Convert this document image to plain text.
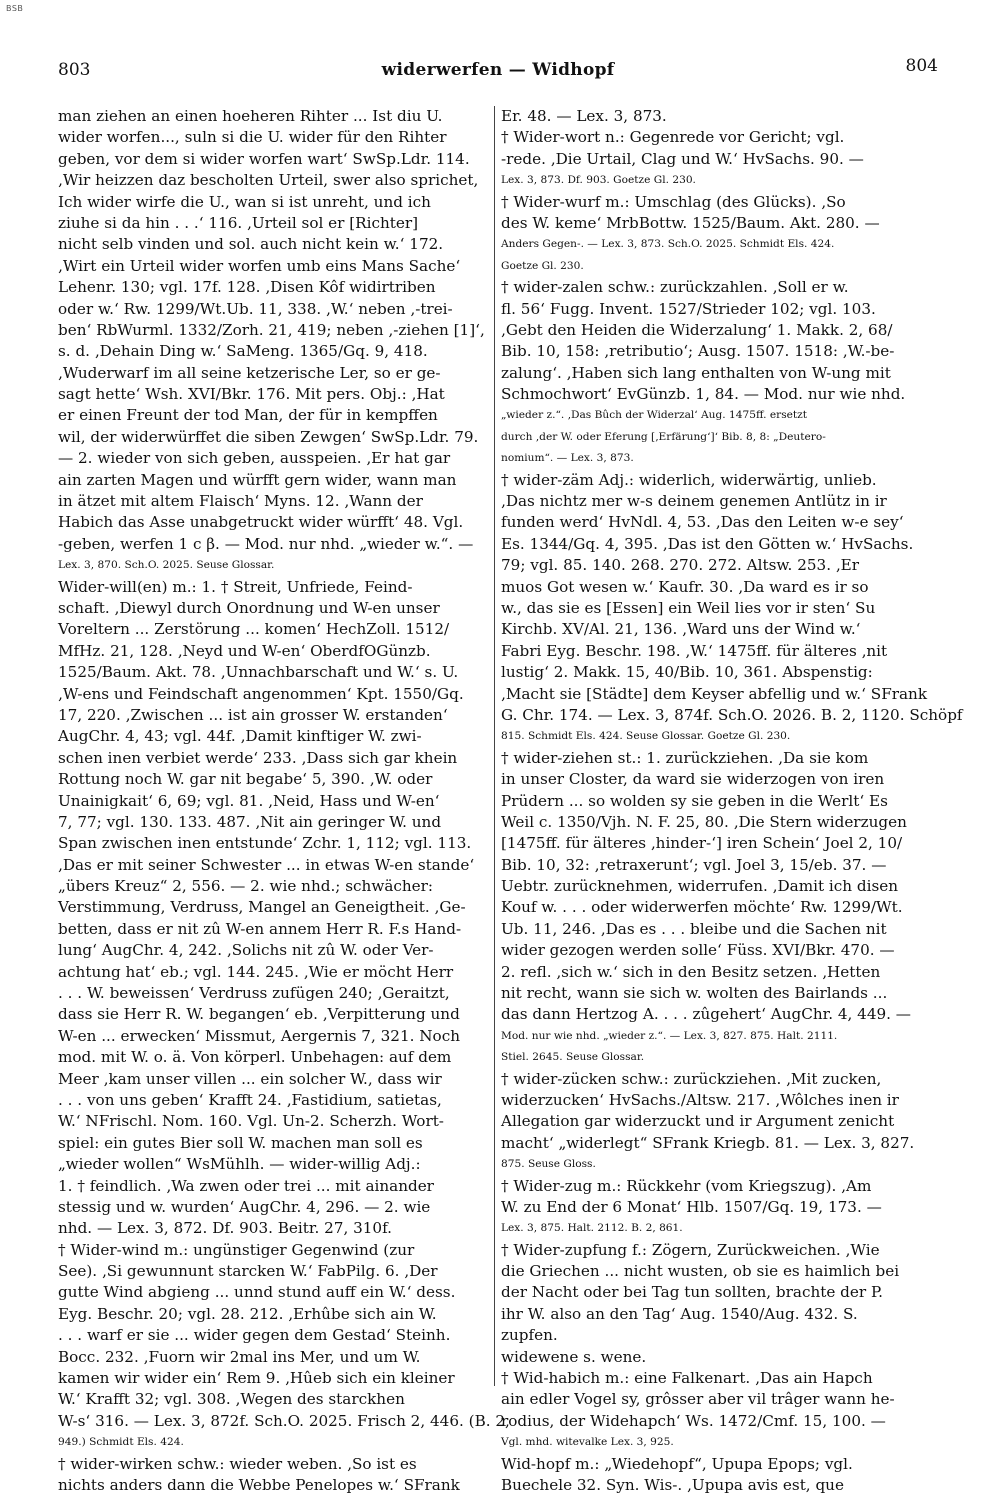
BSB
803	widerwerfen — Widhopf	804
man ziehen an einen hoeheren Rihter ... Ist diu U.
wider worfen..., suln si die U. wider für den Rihter
geben, vor dem si wider worfen wart‘ SwSp.Ldr. 114.
‚Wir heizzen daz bescholten Urteil, swer also sprichet,
Ich wider wirfe die U., wan si ist unreht, und ich
ziuhe si da hin . . .‘ 116. ‚Urteil sol er [Richter]
nicht selb vinden und sol. auch nicht kein w.‘ 172.
‚Wirt ein Urteil wider worfen umb eins Mans Sache‘
Lehenr. 130; vgl. 17f. 128. ‚Disen Kôf widirtriben
oder w.‘ Rw. 1299/Wt.Ub. 11, 338. ‚W.‘ neben ‚-trei-
ben‘ RbWurml. 1332/Zorh. 21, 419; neben ‚-ziehen [1]‘,
s. d. ‚Dehain Ding w.‘ SaMeng. 1365/Gq. 9, 418.
‚Wuderwarf im all seine ketzerische Ler, so er ge-
sagt hette‘ Wsh. XVI/Bkr. 176. Mit pers. Obj.: ‚Hat
er einen Freunt der tod Man, der für in kempffen
wil, der widerwürffet die siben Zewgen‘ SwSp.Ldr. 79.
— 2. wieder von sich geben, ausspeien. ‚Er hat gar
ain zarten Magen und würfft gern wider, wann man
in ätzet mit altem Flaisch‘ Myns. 12. ‚Wann der
Habich das Asse unabgetruckt wider würfft‘ 48. Vgl.
-geben, werfen 1 c β. — Mod. nur nhd. „wieder w.“. —
Lex. 3, 870. Sch.O. 2025. Seuse Glossar.
Wider-will(en) m.: 1. † Streit, Unfriede, Feind-
schaft. ‚Diewyl durch Onordnung und W-en unser
Voreltern ... Zerstörung ... komen‘ HechZoll. 1512/
MfHz. 21, 128. ‚Neyd und W-en‘ OberdfOGünzb.
1525/Baum. Akt. 78. ‚Unnachbarschaft und W.‘ s. U.
‚W-ens und Feindschaft angenommen‘ Kpt. 1550/Gq.
17, 220. ‚Zwischen ... ist ain grosser W. erstanden‘
AugChr. 4, 43; vgl. 44f. ‚Damit kinftiger W. zwi-
schen inen verbiet werde‘ 233. ‚Dass sich gar khein
Rottung noch W. gar nit begabe‘ 5, 390. ‚W. oder
Unainigkait‘ 6, 69; vgl. 81. ‚Neid, Hass und W-en‘
7, 77; vgl. 130. 133. 487. ‚Nit ain geringer W. und
Span zwischen inen entstunde‘ Zchr. 1, 112; vgl. 113.
‚Das er mit seiner Schwester ... in etwas W-en stande‘
„übers Kreuz“ 2, 556. — 2. wie nhd.; schwächer:
Verstimmung, Verdruss, Mangel an Geneigtheit. ‚Ge-
betten, dass er nit zû W-en annem Herr R. F.s Hand-
lung‘ AugChr. 4, 242. ‚Solichs nit zû W. oder Ver-
achtung hat‘ eb.; vgl. 144. 245. ‚Wie er möcht Herr
. . . W. beweissen‘ Verdruss zufügen 240; ‚Geraitzt,
dass sie Herr R. W. begangen‘ eb. ‚Verpitterung und
W-en ... erwecken‘ Missmut, Aergernis 7, 321. Noch
mod. mit W. o. ä. Von körperl. Unbehagen: auf dem
Meer ‚kam unser villen ... ein solcher W., dass wir
. . . von uns geben‘ Krafft 24. ‚Fastidium, satietas,
W.‘ NFrischl. Nom. 160. Vgl. Un-2. Scherzh. Wort-
spiel: ein gutes Bier soll W. machen man soll es
„wieder wollen“ WsMühlh. — wider-willig Adj.:
1. † feindlich. ‚Wa zwen oder trei ... mit ainander
stessig und w. wurden‘ AugChr. 4, 296. — 2. wie
nhd. — Lex. 3, 872. Df. 903. Beitr. 27, 310f.
† Wider-wind m.: ungünstiger Gegenwind (zur
See). ‚Si gewunnunt starcken W.‘ FabPilg. 6. ‚Der
gutte Wind abgieng ... unnd stund auff ein W.‘ dess.
Eyg. Beschr. 20; vgl. 28. 212. ‚Erhûbe sich ain W.
. . . warf er sie ... wider gegen dem Gestad‘ Steinh.
Bocc. 232. ‚Fuorn wir 2mal ins Mer, und um W.
kamen wir wider ein‘ Rem 9. ‚Hûeb sich ein kleiner
W.‘ Krafft 32; vgl. 308. ‚Wegen des starckhen
W-s‘ 316. — Lex. 3, 872f. Sch.O. 2025. Frisch 2, 446. (B. 2,
949.) Schmidt Els. 424.
† wider-wirken schw.: wieder weben. ‚So ist es
nichts anders dann die Webbe Penelopes w.‘ SFrank
Er. 48. — Lex. 3, 873.
† Wider-wort n.: Gegenrede vor Gericht; vgl.
-rede. ‚Die Urtail, Clag und W.‘ HvSachs. 90. —
Lex. 3, 873. Df. 903. Goetze Gl. 230.
† Wider-wurf m.: Umschlag (des Glücks). ‚So
des W. keme‘ MrbBottw. 1525/Baum. Akt. 280. —
Anders Gegen-. — Lex. 3, 873. Sch.O. 2025. Schmidt Els. 424.
Goetze Gl. 230.
† wider-zalen schw.: zurückzahlen. ‚Soll er w.
fl. 56‘ Fugg. Invent. 1527/Strieder 102; vgl. 103.
‚Gebt den Heiden die Widerzalung‘ 1. Makk. 2, 68/
Bib. 10, 158: ‚retributio‘; Ausg. 1507. 1518: ‚W.-be-
zalung‘. ‚Haben sich lang enthalten von W-ung mit
Schmochwort‘ EvGünzb. 1, 84. — Mod. nur wie nhd.
„wieder z.“. ‚Das Bûch der Widerzal‘ Aug. 1475ff. ersetzt
durch ‚der W. oder Eferung [‚Erfärung‘]‘ Bib. 8, 8: „Deutero-
nomium“. — Lex. 3, 873.
† wider-zäm Adj.: widerlich, widerwärtig, unlieb.
‚Das nichtz mer w-s deinem genemen Antlütz in ir
funden werd‘ HvNdl. 4, 53. ‚Das den Leiten w-e sey‘
Es. 1344/Gq. 4, 395. ‚Das ist den Götten w.‘ HvSachs.
79; vgl. 85. 140. 268. 270. 272. Altsw. 253. ‚Er
muos Got wesen w.‘ Kaufr. 30. ‚Da ward es ir so
w., das sie es [Essen] ein Weil lies vor ir sten‘ Su
Kirchb. XV/Al. 21, 136. ‚Ward uns der Wind w.‘
Fabri Eyg. Beschr. 198. ‚W.‘ 1475ff. für älteres ‚nit
lustig‘ 2. Makk. 15, 40/Bib. 10, 361. Abspenstig:
‚Macht sie [Städte] dem Keyser abfellig und w.‘ SFrank
G. Chr. 174. — Lex. 3, 874f. Sch.O. 2026. B. 2, 1120. Schöpf
815. Schmidt Els. 424. Seuse Glossar. Goetze Gl. 230.
† wider-ziehen st.: 1. zurückziehen. ‚Da sie kom
in unser Closter, da ward sie widerzogen von iren
Prüdern ... so wolden sy sie geben in die Werlt‘ Es
Weil c. 1350/Vjh. N. F. 25, 80. ‚Die Stern widerzugen
[1475ff. für älteres ‚hinder-‘] iren Schein‘ Joel 2, 10/
Bib. 10, 32: ‚retraxerunt‘; vgl. Joel 3, 15/eb. 37. —
Uebtr. zurücknehmen, widerrufen. ‚Damit ich disen
Kouf w. . . . oder widerwerfen möchte‘ Rw. 1299/Wt.
Ub. 11, 246. ‚Das es . . . bleibe und die Sachen nit
wider gezogen werden solle‘ Füss. XVI/Bkr. 470. —
2. refl. ‚sich w.‘ sich in den Besitz setzen. ‚Hetten
nit recht, wann sie sich w. wolten des Bairlands ...
das dann Hertzog A. . . . zûgehert‘ AugChr. 4, 449. —
Mod. nur wie nhd. „wieder z.“. — Lex. 3, 827. 875. Halt. 2111.
Stiel. 2645. Seuse Glossar.
† wider-zücken schw.: zurückziehen. ‚Mit zucken,
widerzucken‘ HvSachs./Altsw. 217. ‚Wôlches inen ir
Allegation gar widerzuckt und ir Argument zenicht
macht‘ „widerlegt“ SFrank Kriegb. 81. — Lex. 3, 827.
875. Seuse Gloss.
† Wider-zug m.: Rückkehr (vom Kriegszug). ‚Am
W. zu End der 6 Monat‘ Hlb. 1507/Gq. 19, 173. —
Lex. 3, 875. Halt. 2112. B. 2, 861.
† Wider-zupfung f.: Zögern, Zurückweichen. ‚Wie
die Griechen ... nicht wusten, ob sie es haimlich bei
der Nacht oder bei Tag tun sollten, brachte der P.
ihr W. also an den Tag‘ Aug. 1540/Aug. 432. S.
zupfen.
widewene s. wene.
† Wid-habich m.: eine Falkenart. ‚Das ain Hapch
ain edler Vogel sy, grôsser aber vil trâger wann he-
rodius, der Widehapch‘ Ws. 1472/Cmf. 15, 100. —
Vgl. mhd. witevalke Lex. 3, 925.
Wid-hopf m.: „Wiedehopf“, Upupa Epops; vgl.
Buechele 32. Syn. Wis-. ‚Upupa avis est, que
